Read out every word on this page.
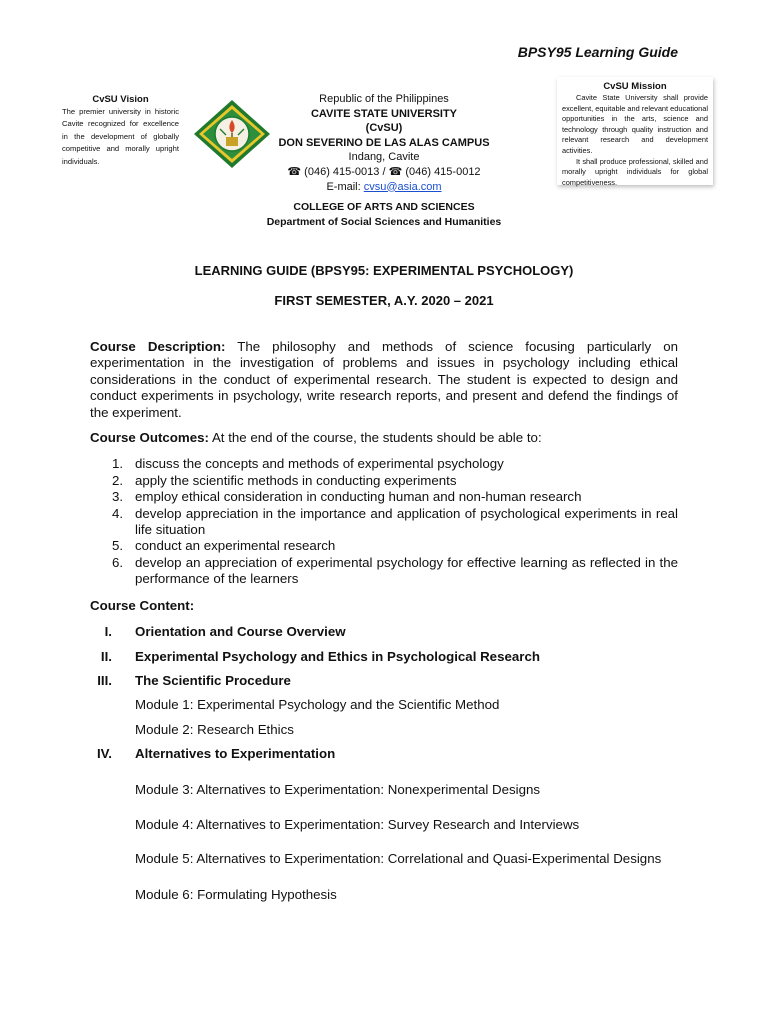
BPSY95 Learning Guide
CvSU Vision
The premier university in historic Cavite recognized for excellence in the development of globally competitive and morally upright individuals.
Republic of the Philippines
CAVITE STATE UNIVERSITY
(CvSU)
DON SEVERINO DE LAS ALAS CAMPUS
Indang, Cavite
☎ (046) 415-0013 / ☎ (046) 415-0012
E-mail: cvsu@asia.com
CvSU Mission

Cavite State University shall provide excellent, equitable and relevant educational opportunities in the arts, science and technology through quality instruction and relevant research and development activities.

It shall produce professional, skilled and morally upright individuals for global competitiveness.

COLLEGE OF ARTS AND SCIENCES
Department of Social Sciences and Humanities
LEARNING GUIDE (BPSY95: EXPERIMENTAL PSYCHOLOGY)
FIRST SEMESTER, A.Y. 2020 – 2021

Course Description: The philosophy and methods of science focusing particularly on experimentation in the investigation of problems and issues in psychology including ethical considerations in the conduct of experimental research. The student is expected to design and conduct experiments in psychology, write research reports, and present and defend the findings of the experiment.

Course Outcomes: At the end of the course, the students should be able to:

1. discuss the concepts and methods of experimental psychology
2. apply the scientific methods in conducting experiments
3. employ ethical consideration in conducting human and non-human research
4. develop appreciation in the importance and application of psychological experiments in real life situation
5. conduct an experimental research
6. develop an appreciation of experimental psychology for effective learning as reflected in the performance of the learners

Course Content:

I. Orientation and Course Overview
II. Experimental Psychology and Ethics in Psychological Research
III. The Scientific Procedure
Module 1: Experimental Psychology and the Scientific Method
Module 2: Research Ethics
IV. Alternatives to Experimentation
Module 3: Alternatives to Experimentation: Nonexperimental Designs
Module 4: Alternatives to Experimentation: Survey Research and Interviews
Module 5: Alternatives to Experimentation: Correlational and Quasi-Experimental Designs
Module 6: Formulating Hypothesis
